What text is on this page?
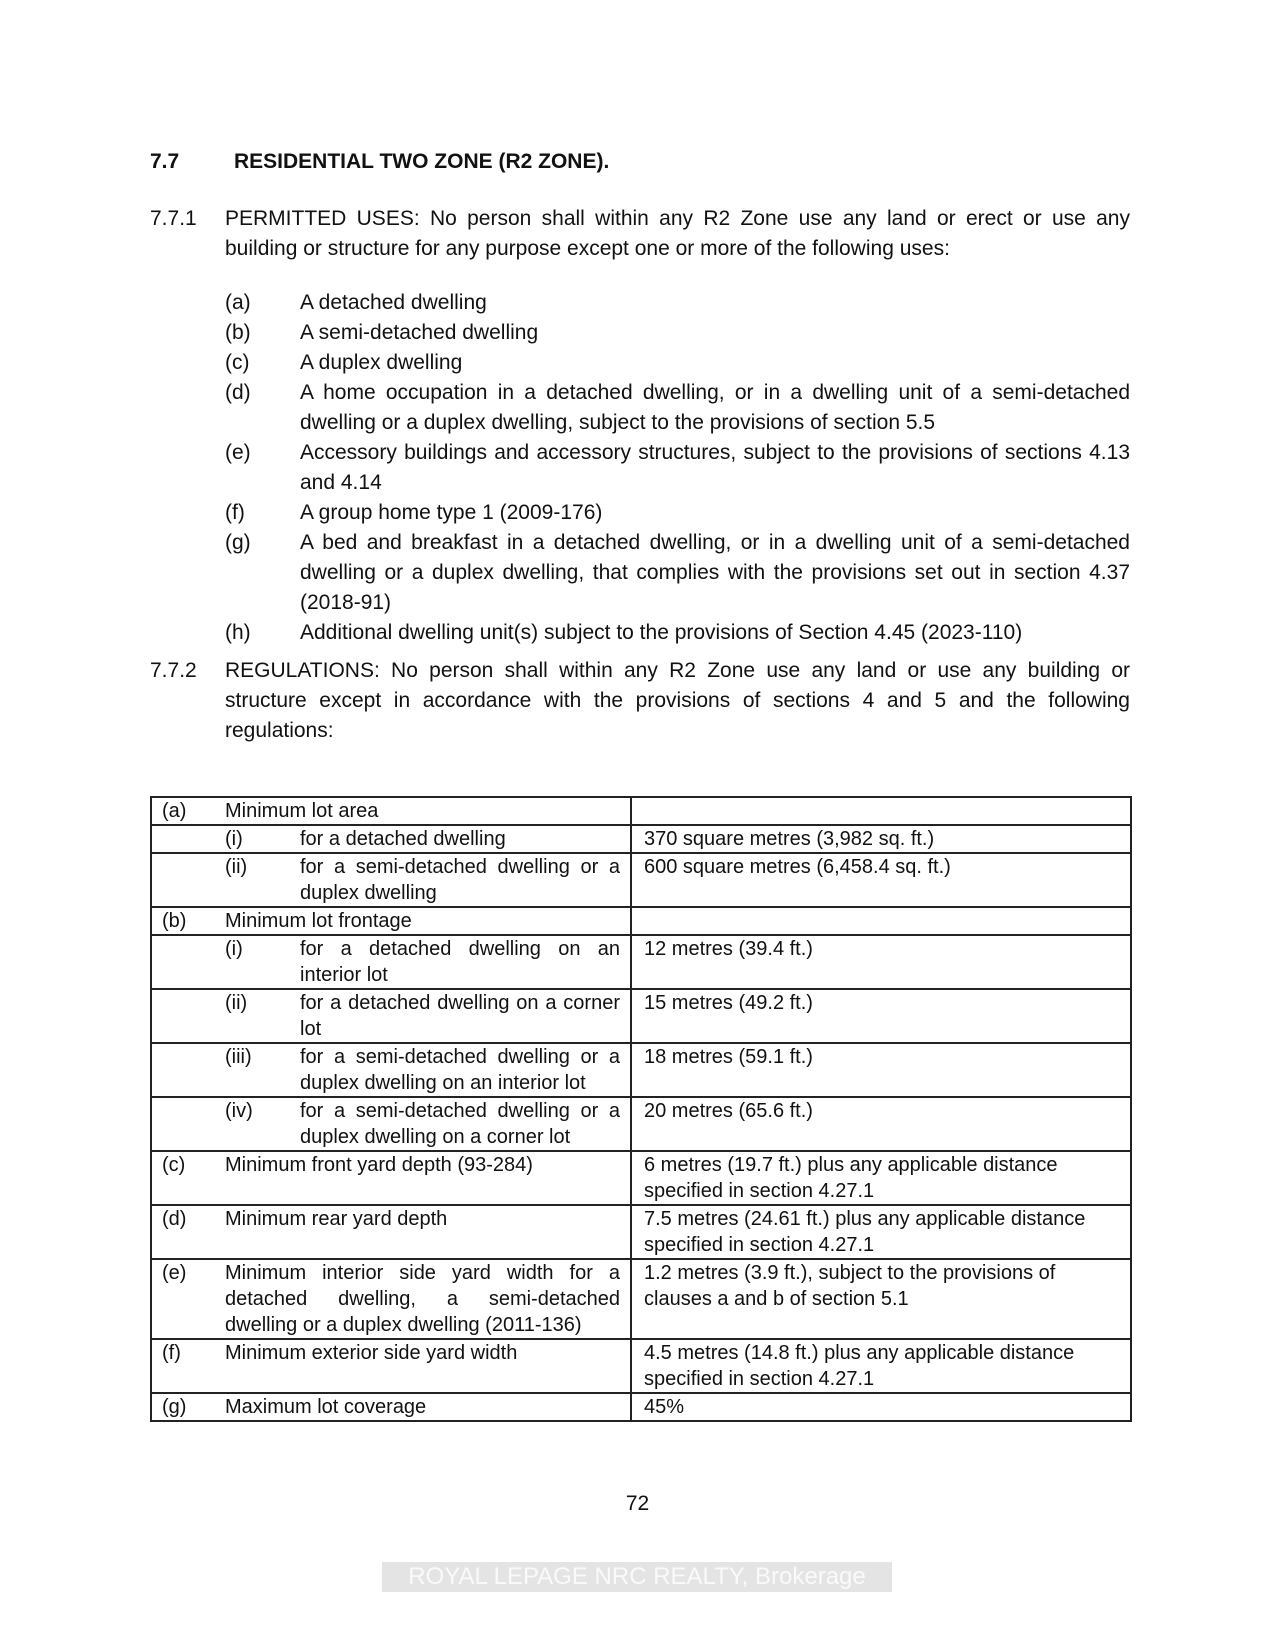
7.7	RESIDENTIAL TWO ZONE (R2 ZONE).
7.7.1 PERMITTED USES: No person shall within any R2 Zone use any land or erect or use any building or structure for any purpose except one or more of the following uses:
(a) A detached dwelling
(b) A semi-detached dwelling
(c) A duplex dwelling
(d) A home occupation in a detached dwelling, or in a dwelling unit of a semi-detached dwelling or a duplex dwelling, subject to the provisions of section 5.5
(e) Accessory buildings and accessory structures, subject to the provisions of sections 4.13 and 4.14
(f)	A group home type 1 (2009-176)
(g) A bed and breakfast in a detached dwelling, or in a dwelling unit of a semi-detached dwelling or a duplex dwelling, that complies with the provisions set out in section 4.37 (2018-91)
(h) Additional dwelling unit(s) subject to the provisions of Section 4.45 (2023-110)
7.7.2 REGULATIONS: No person shall within any R2 Zone use any land or use any building or structure except in accordance with the provisions of sections 4 and 5 and the following regulations:
(a) Minimum lot area	

(i) for a detached dwelling	370 square metres (3,982 sq. ft.)

(ii) for a semi-detached dwelling or a duplex dwelling	600 square metres (6,458.4 sq. ft.)

(b) Minimum lot frontage	

(i) for a detached dwelling on an interior lot	12 metres (39.4 ft.)

(ii) for a detached dwelling on a corner lot	15 metres (49.2 ft.)

(iii) for a semi-detached dwelling or a duplex dwelling on an interior lot	18 metres (59.1 ft.)

(iv) for a semi-detached dwelling or a duplex dwelling on a corner lot	20 metres (65.6 ft.)

(c) Minimum front yard depth (93-284)	6 metres (19.7 ft.) plus any applicable distance specified in section 4.27.1

(d) Minimum rear yard depth	7.5 metres (24.61 ft.) plus any applicable distance specified in section 4.27.1

(e) Minimum interior side yard width for a detached dwelling, a semi-detached dwelling or a duplex dwelling (2011-136)	1.2 metres (3.9 ft.), subject to the provisions of clauses a and b of section 5.1

(f) Minimum exterior side yard width	4.5 metres (14.8 ft.) plus any applicable distance specified in section 4.27.1

(g) Maximum lot coverage	45%
72
ROYAL LEPAGE NRC REALTY, Brokerage
